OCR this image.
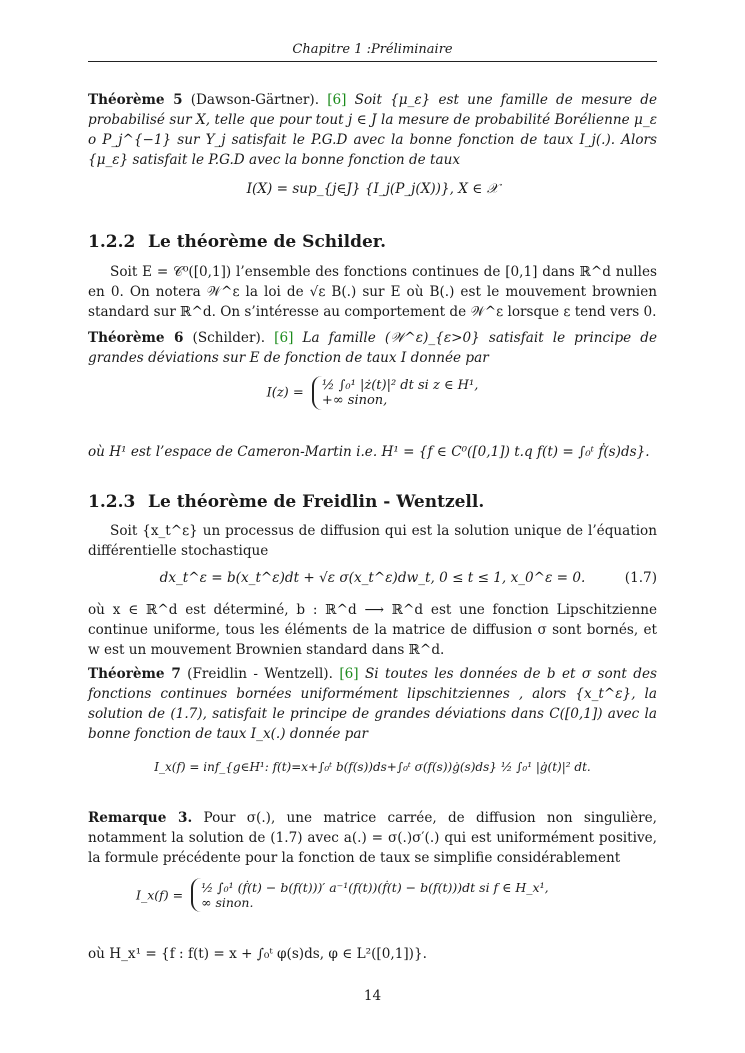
Chapitre 1 :Préliminaire
Théorème 5 (Dawson-Gärtner). [6] Soit {μ_ε} est une famille de mesure de probabilisé sur X, telle que pour tout j ∈ J la mesure de probabilité Borélienne μ_ε o P_j^{−1} sur Y_j satisfait le P.G.D avec la bonne fonction de taux I_j(.). Alors {μ_ε} satisfait le P.G.D avec la bonne fonction de taux
I(X) = sup_{j∈J} {I_j(P_j(X))}, X ∈ 𝒳
1.2.2 Le théorème de Schilder.
Soit E = 𝒞⁰([0,1]) l’ensemble des fonctions continues de [0,1] dans ℝ^d nulles en 0. On notera 𝒲^ε la loi de √ε B(.) sur E où B(.) est le mouvement brownien standard sur ℝ^d. On s’intéresse au comportement de 𝒲^ε lorsque ε tend vers 0.
Théorème 6 (Schilder). [6] La famille (𝒲^ε)_{ε>0} satisfait le principe de grandes déviations sur E de fonction de taux I donnée par
I(z) = ½ ∫₀¹ |ż(t)|² dt si z ∈ H¹,
+∞ sinon,
où H¹ est l’espace de Cameron-Martin i.e. H¹ = {f ∈ C⁰([0,1]) t.q f(t) = ∫₀ᵗ ḟ(s)ds}.
1.2.3 Le théorème de Freidlin - Wentzell.
Soit {x_t^ε} un processus de diffusion qui est la solution unique de l’équation différentielle stochastique
dx_t^ε = b(x_t^ε)dt + √ε σ(x_t^ε)dw_t, 0 ≤ t ≤ 1, x_0^ε = 0.	(1.7)
où x ∈ ℝ^d est déterminé, b : ℝ^d ⟶ ℝ^d est une fonction Lipschitzienne continue uniforme, tous les éléments de la matrice de diffusion σ sont bornés, et w est un mouvement Brownien standard dans ℝ^d.
Théorème 7 (Freidlin - Wentzell). [6] Si toutes les données de b et σ sont des fonctions continues bornées uniformément lipschitziennes , alors {x_t^ε}, la solution de (1.7), satisfait le principe de grandes déviations dans C([0,1]) avec la bonne fonction de taux I_x(.) donnée par
I_x(f) = inf_{g∈H¹: f(t)=x+∫₀ᵗ b(f(s))ds+∫₀ᵗ σ(f(s))ġ(s)ds} ½ ∫₀¹ |ġ(t)|² dt.
Remarque 3. Pour σ(.), une matrice carrée, de diffusion non singulière, notamment la solution de (1.7) avec a(.) = σ(.)σ′(.) qui est uniformément positive, la formule précédente pour la fonction de taux se simplifie considérablement
I_x(f) = ½ ∫₀¹ (ḟ(t) − b(f(t)))′ a⁻¹(f(t))(ḟ(t) − b(f(t)))dt si f ∈ H_x¹,
∞ sinon.
où H_x¹ = {f : f(t) = x + ∫₀ᵗ φ(s)ds, φ ∈ L²([0,1])}.
14
